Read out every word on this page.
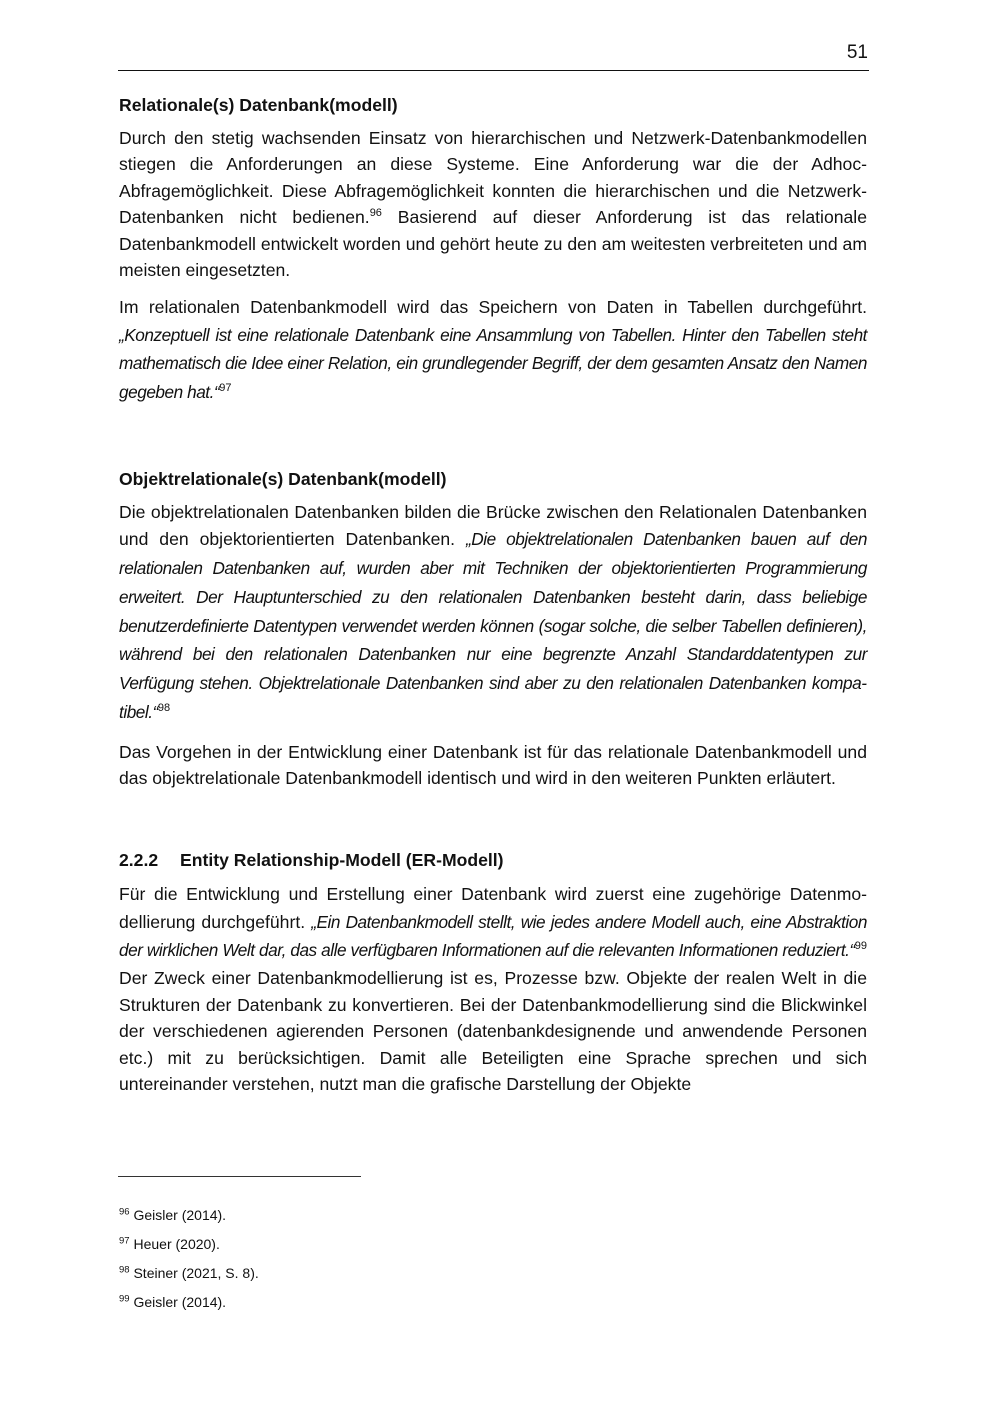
51
Relationale(s) Datenbank(modell)

Durch den stetig wachsenden Einsatz von hierarchischen und Netzwerk-Datenbankmodellen stiegen die Anforderungen an diese Systeme. Eine Anforderung war die der Adhoc-Abfragemöglichkeit. Diese Abfragemöglichkeit konnten die hierarchischen und die Netzwerk-Datenbanken nicht bedienen.$^{96}$ Basierend auf dieser Anforderung ist das relationale Datenbankmodell entwickelt worden und gehört heute zu den am weitesten verbreiteten und am meisten eingesetzten.

Im relationalen Datenbankmodell wird das Speichern von Daten in Tabellen durchgeführt. „Konzeptuell ist eine relationale Datenbank eine Ansammlung von Tabellen. Hinter den Tabellen steht mathematisch die Idee einer Relation, ein grundlegender Begriff, der dem gesamten Ansatz den Namen gegeben hat.“$^{97}$

Objektrelationale(s) Datenbank(modell)

Die objektrelationalen Datenbanken bilden die Brücke zwischen den Relationalen Datenbanken und den objektorientierten Datenbanken. „Die objektrelationalen Datenbanken bauen auf den relationalen Datenbanken auf, wurden aber mit Techniken der objektorientierten Programmierung erweitert. Der Hauptunterschied zu den relationalen Datenbanken besteht darin, dass beliebige benutzerdefinierte Datentypen verwendet werden können (sogar solche, die selber Tabellen definieren), während bei den relationalen Datenbanken nur eine begrenzte Anzahl Standarddatentypen zur Verfügung stehen. Objektrelationale Datenbanken sind aber zu den relationalen Datenbanken kompatibel.“$^{98}$

Das Vorgehen in der Entwicklung einer Datenbank ist für das relationale Datenbankmodell und das objektrelationale Datenbankmodell identisch und wird in den weiteren Punkten erläutert.

2.2.2 Entity Relationship-Modell (ER-Modell)

Für die Entwicklung und Erstellung einer Datenbank wird zuerst eine zugehörige Datenmodellierung durchgeführt. „Ein Datenbankmodell stellt, wie jedes andere Modell auch, eine Abstraktion der wirklichen Welt dar, das alle verfügbaren Informationen auf die relevanten Informationen reduziert.“$^{99}$ Der Zweck einer Datenbankmodellierung ist es, Prozesse bzw. Objekte der realen Welt in die Strukturen der Datenbank zu konvertieren. Bei der Datenbankmodellierung sind die Blickwinkel der verschiedenen agierenden Personen (datenbankdesignende und anwendende Personen etc.) mit zu berücksichtigen. Damit alle Beteiligten eine Sprache sprechen und sich untereinander verstehen, nutzt man die grafische Darstellung der Objekte

$^{96}$ Geisler (2014).
$^{97}$ Heuer (2020).
$^{98}$ Steiner (2021, S. 8).
$^{99}$ Geisler (2014).
